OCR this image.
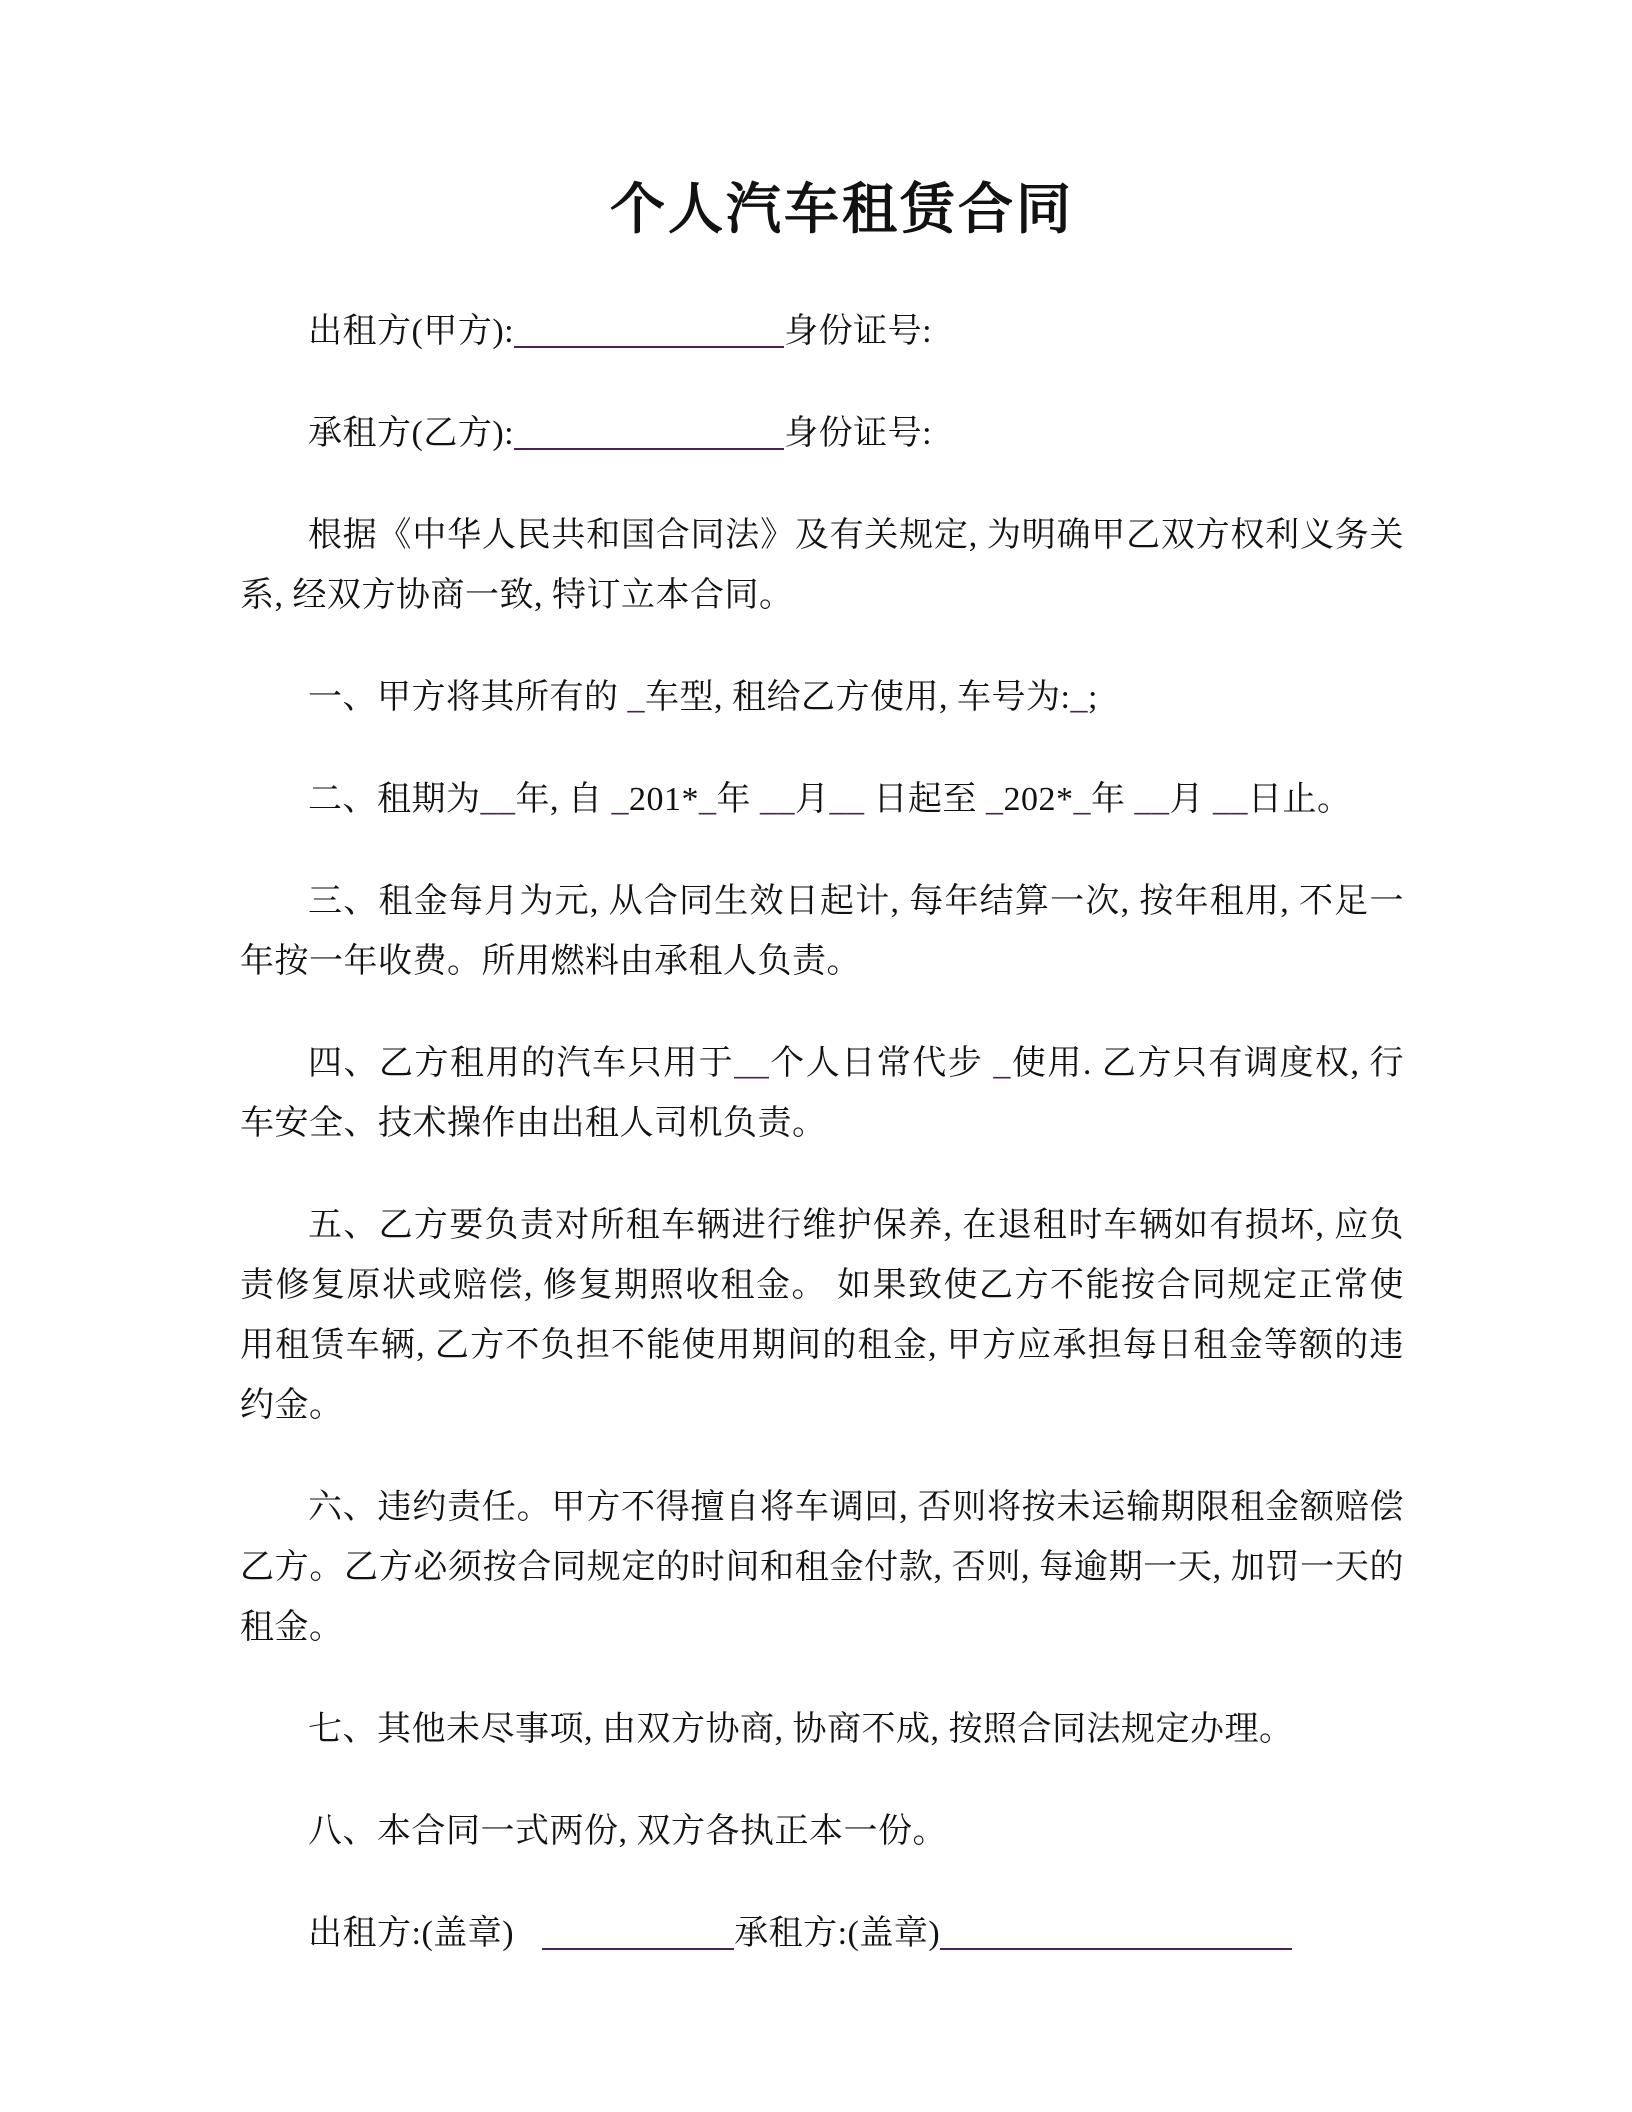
个人汽车租赁合同
出租方(甲方):	身份证号:
承租方(乙方):	身份证号:

根据《中华人民共和国合同法》及有关规定, 为明确甲乙双方权利义务关系, 经双方协商一致, 特订立本合同。

一、甲方将其所有的 _车型, 租给乙方使用, 车号为:_;

二、租期为__年, 自 _201*_年 __月__ 日起至 _202*_年 __月 __日止。

三、租金每月为元, 从合同生效日起计, 每年结算一次, 按年租用, 不足一年按一年收费。所用燃料由承租人负责。

四、乙方租用的汽车只用于__个人日常代步 _使用. 乙方只有调度权, 行车安全、技术操作由出租人司机负责。

五、乙方要负责对所租车辆进行维护保养, 在退租时车辆如有损坏, 应负责修复原状或赔偿, 修复期照收租金。 如果致使乙方不能按合同规定正常使用租赁车辆, 乙方不负担不能使用期间的租金, 甲方应承担每日租金等额的违约金。

六、违约责任。甲方不得擅自将车调回, 否则将按未运输期限租金额赔偿乙方。乙方必须按合同规定的时间和租金付款, 否则, 每逾期一天, 加罚一天的租金。

七、其他未尽事项, 由双方协商, 协商不成, 按照合同法规定办理。

八、本合同一式两份, 双方各执正本一份。

出租方:(盖章)	承租方:(盖章)
